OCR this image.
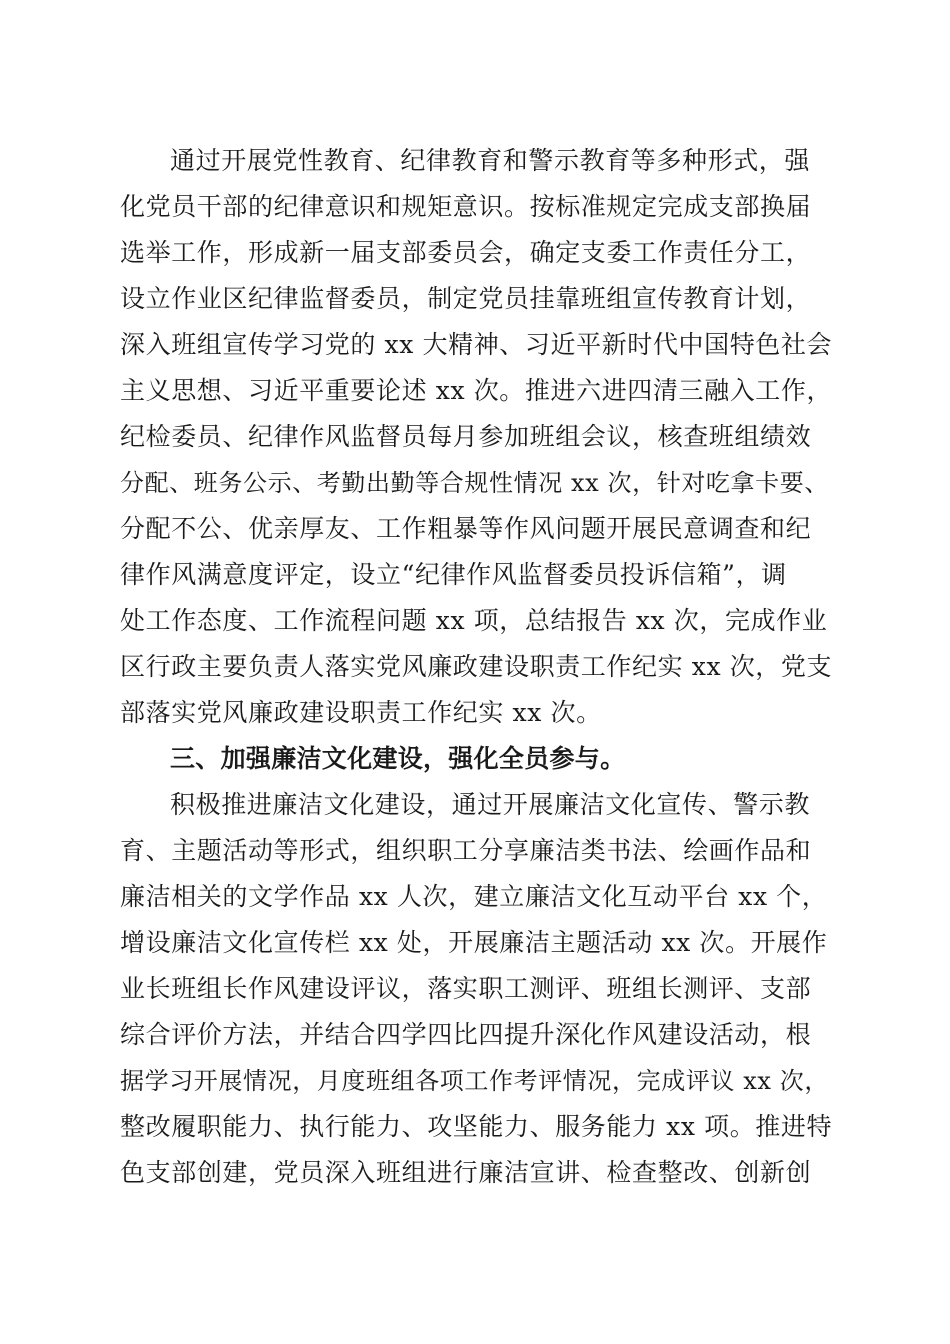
通过开展党性教育、纪律教育和警示教育等多种形式，强
化党员干部的纪律意识和规矩意识。按标准规定完成支部换届
选举工作，形成新一届支部委员会，确定支委工作责任分工，
设立作业区纪律监督委员，制定党员挂靠班组宣传教育计划，
深入班组宣传学习党的 xx 大精神、习近平新时代中国特色社会
主义思想、习近平重要论述 xx 次。推进六进四清三融入工作，
纪检委员、纪律作风监督员每月参加班组会议，核查班组绩效
分配、班务公示、考勤出勤等合规性情况 xx 次，针对吃拿卡要、
分配不公、优亲厚友、工作粗暴等作风问题开展民意调查和纪
律作风满意度评定，设立“纪律作风监督委员投诉信箱”，调
处工作态度、工作流程问题 xx 项，总结报告 xx 次，完成作业
区行政主要负责人落实党风廉政建设职责工作纪实 xx 次，党支
部落实党风廉政建设职责工作纪实 xx 次。
三、加强廉洁文化建设，强化全员参与。
积极推进廉洁文化建设，通过开展廉洁文化宣传、警示教
育、主题活动等形式，组织职工分享廉洁类书法、绘画作品和
廉洁相关的文学作品 xx 人次，建立廉洁文化互动平台 xx 个，
增设廉洁文化宣传栏 xx 处，开展廉洁主题活动 xx 次。开展作
业长班组长作风建设评议，落实职工测评、班组长测评、支部
综合评价方法，并结合四学四比四提升深化作风建设活动，根
据学习开展情况，月度班组各项工作考评情况，完成评议 xx 次，
整改履职能力、执行能力、攻坚能力、服务能力 xx 项。推进特
色支部创建，党员深入班组进行廉洁宣讲、检查整改、创新创
